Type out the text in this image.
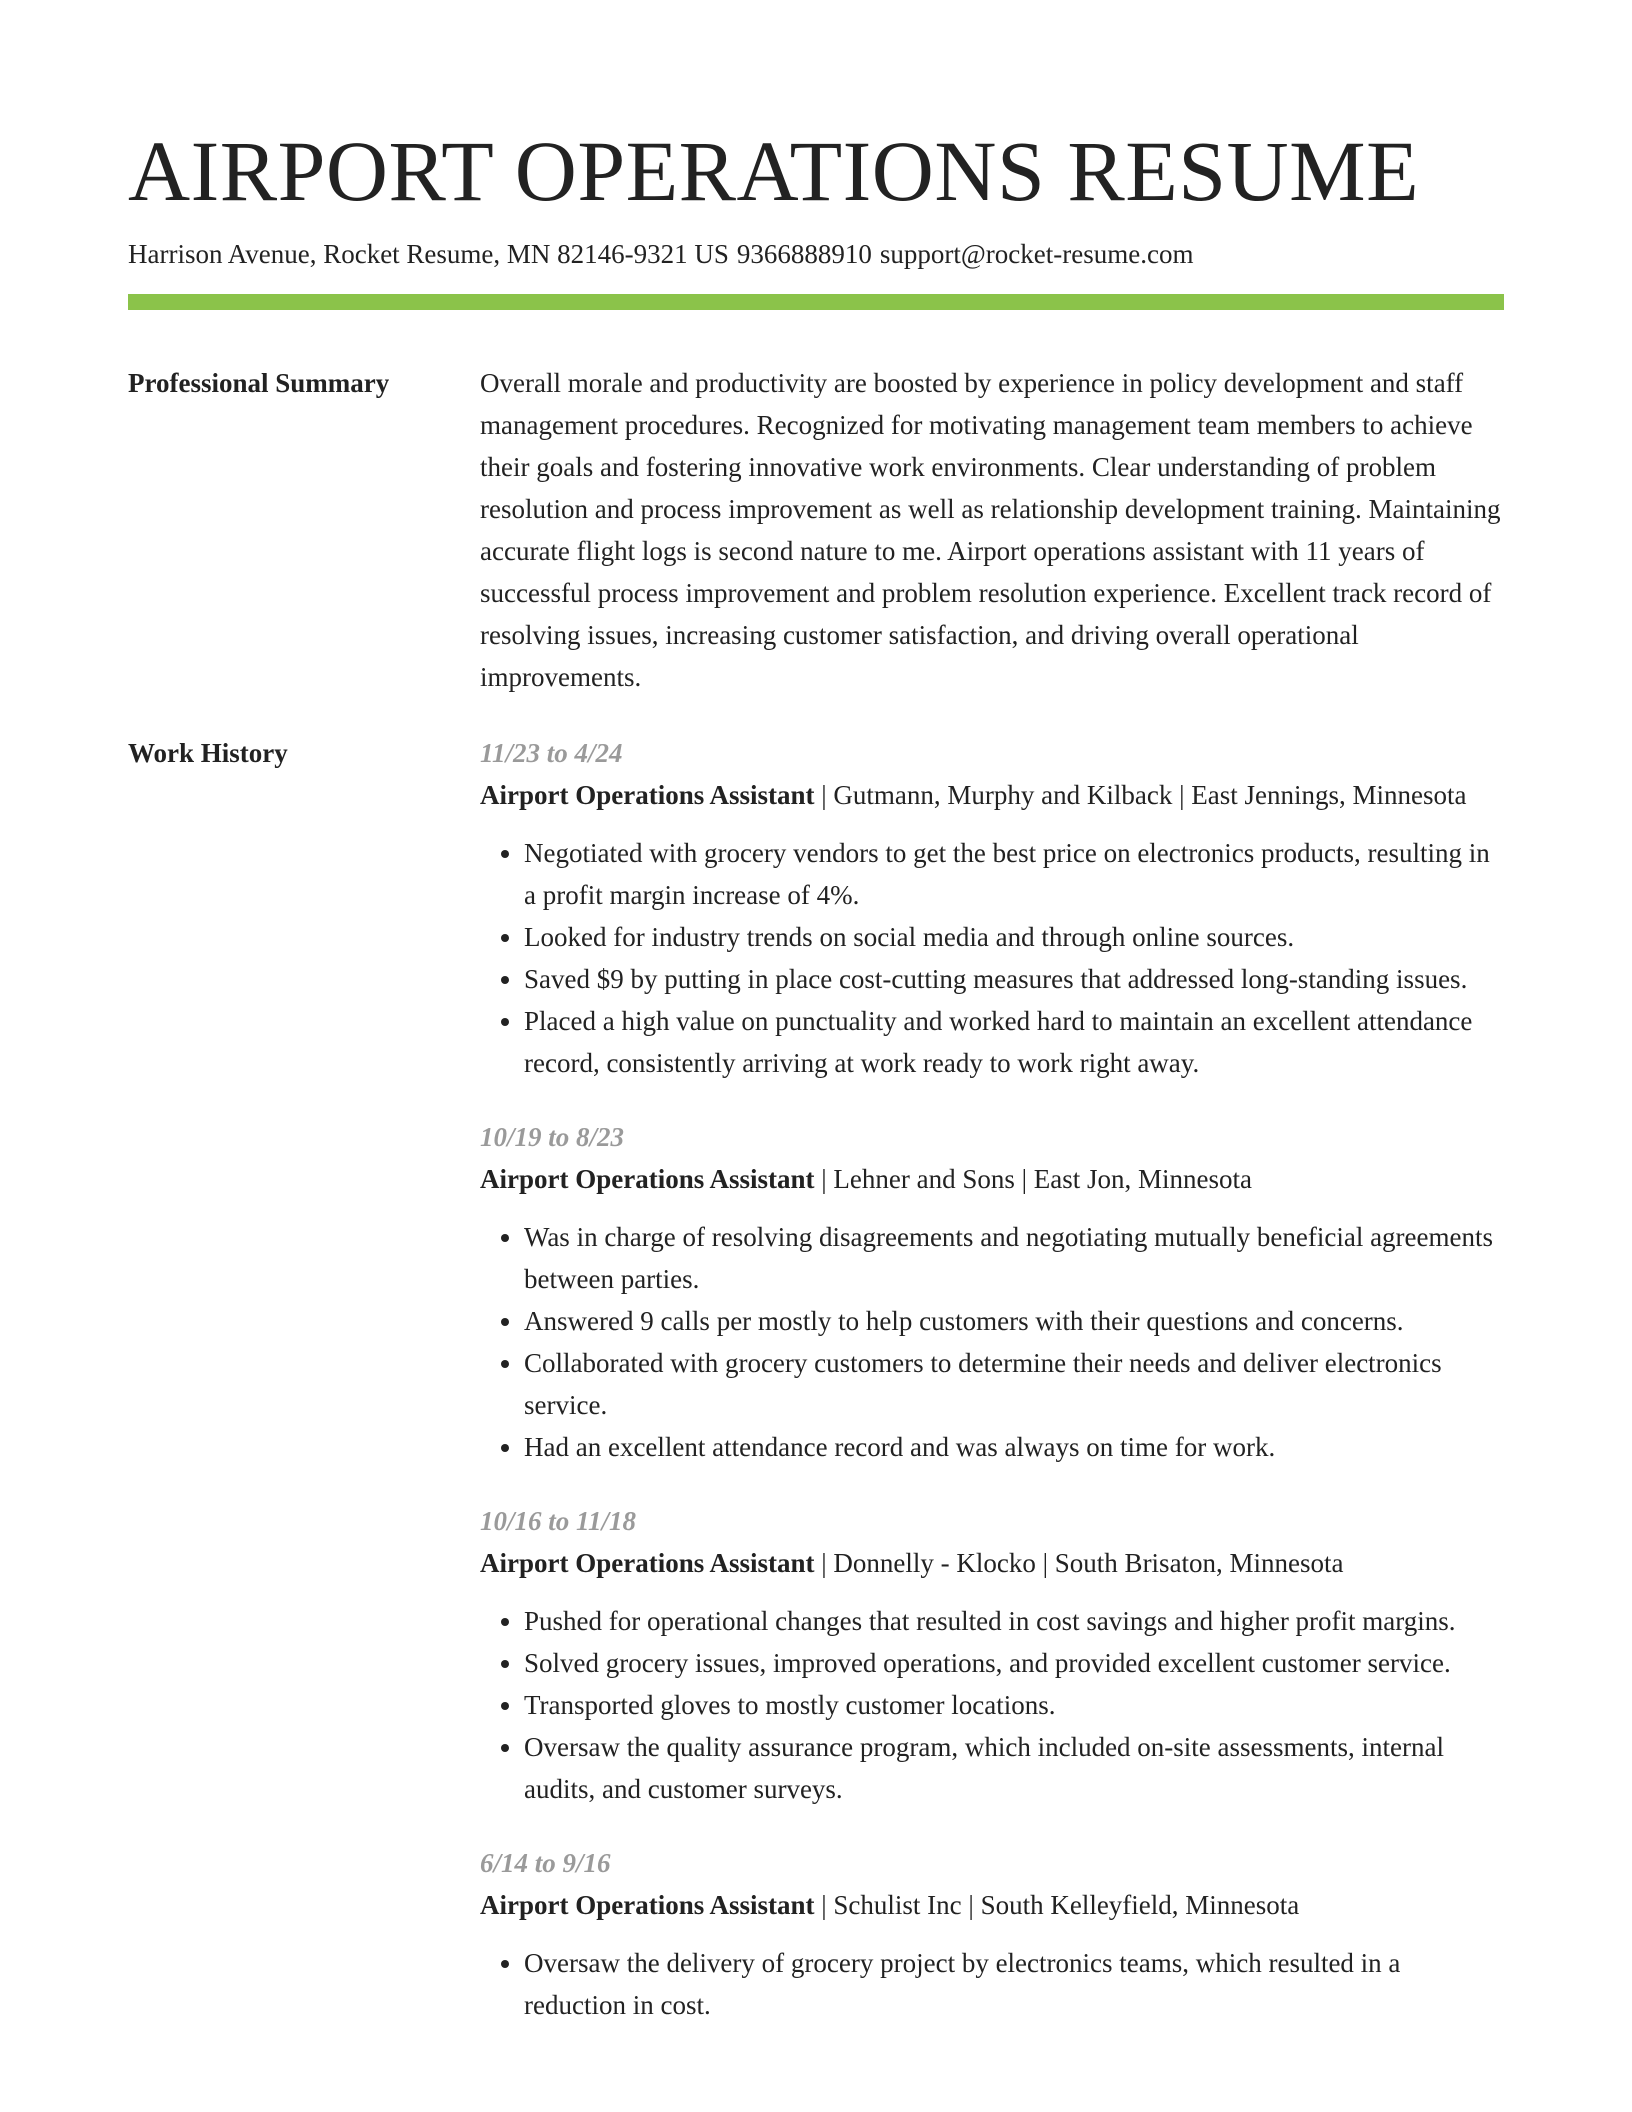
AIRPORT OPERATIONS RESUME
Harrison Avenue, Rocket Resume, MN 82146-9321 US 9366888910 support@rocket-resume.com
Professional Summary	Overall morale and productivity are boosted by experience in policy development and staff management procedures. Recognized for motivating management team members to achieve their goals and fostering innovative work environments. Clear understanding of problem resolution and process improvement as well as relationship development training. Maintaining accurate flight logs is second nature to me. Airport operations assistant with 11 years of successful process improvement and problem resolution experience. Excellent track record of resolving issues, increasing customer satisfaction, and driving overall operational improvements.

Work History	11/23 to 4/24

Airport Operations Assistant | Gutmann, Murphy and Kilback | East Jennings, Minnesota

• Negotiated with grocery vendors to get the best price on electronics products, resulting in a profit margin increase of 4%.
• Looked for industry trends on social media and through online sources.
• Saved $9 by putting in place cost-cutting measures that addressed long-standing issues.
• Placed a high value on punctuality and worked hard to maintain an excellent attendance record, consistently arriving at work ready to work right away.
10/19 to 8/23

Airport Operations Assistant | Lehner and Sons | East Jon, Minnesota

• Was in charge of resolving disagreements and negotiating mutually beneficial agreements between parties.
• Answered 9 calls per mostly to help customers with their questions and concerns.
• Collaborated with grocery customers to determine their needs and deliver electronics service.
• Had an excellent attendance record and was always on time for work.
10/16 to 11/18

Airport Operations Assistant | Donnelly - Klocko | South Brisaton, Minnesota

• Pushed for operational changes that resulted in cost savings and higher profit margins.
• Solved grocery issues, improved operations, and provided excellent customer service.
• Transported gloves to mostly customer locations.
• Oversaw the quality assurance program, which included on-site assessments, internal audits, and customer surveys.
6/14 to 9/16

Airport Operations Assistant | Schulist Inc | South Kelleyfield, Minnesota

• Oversaw the delivery of grocery project by electronics teams, which resulted in a reduction in cost.
